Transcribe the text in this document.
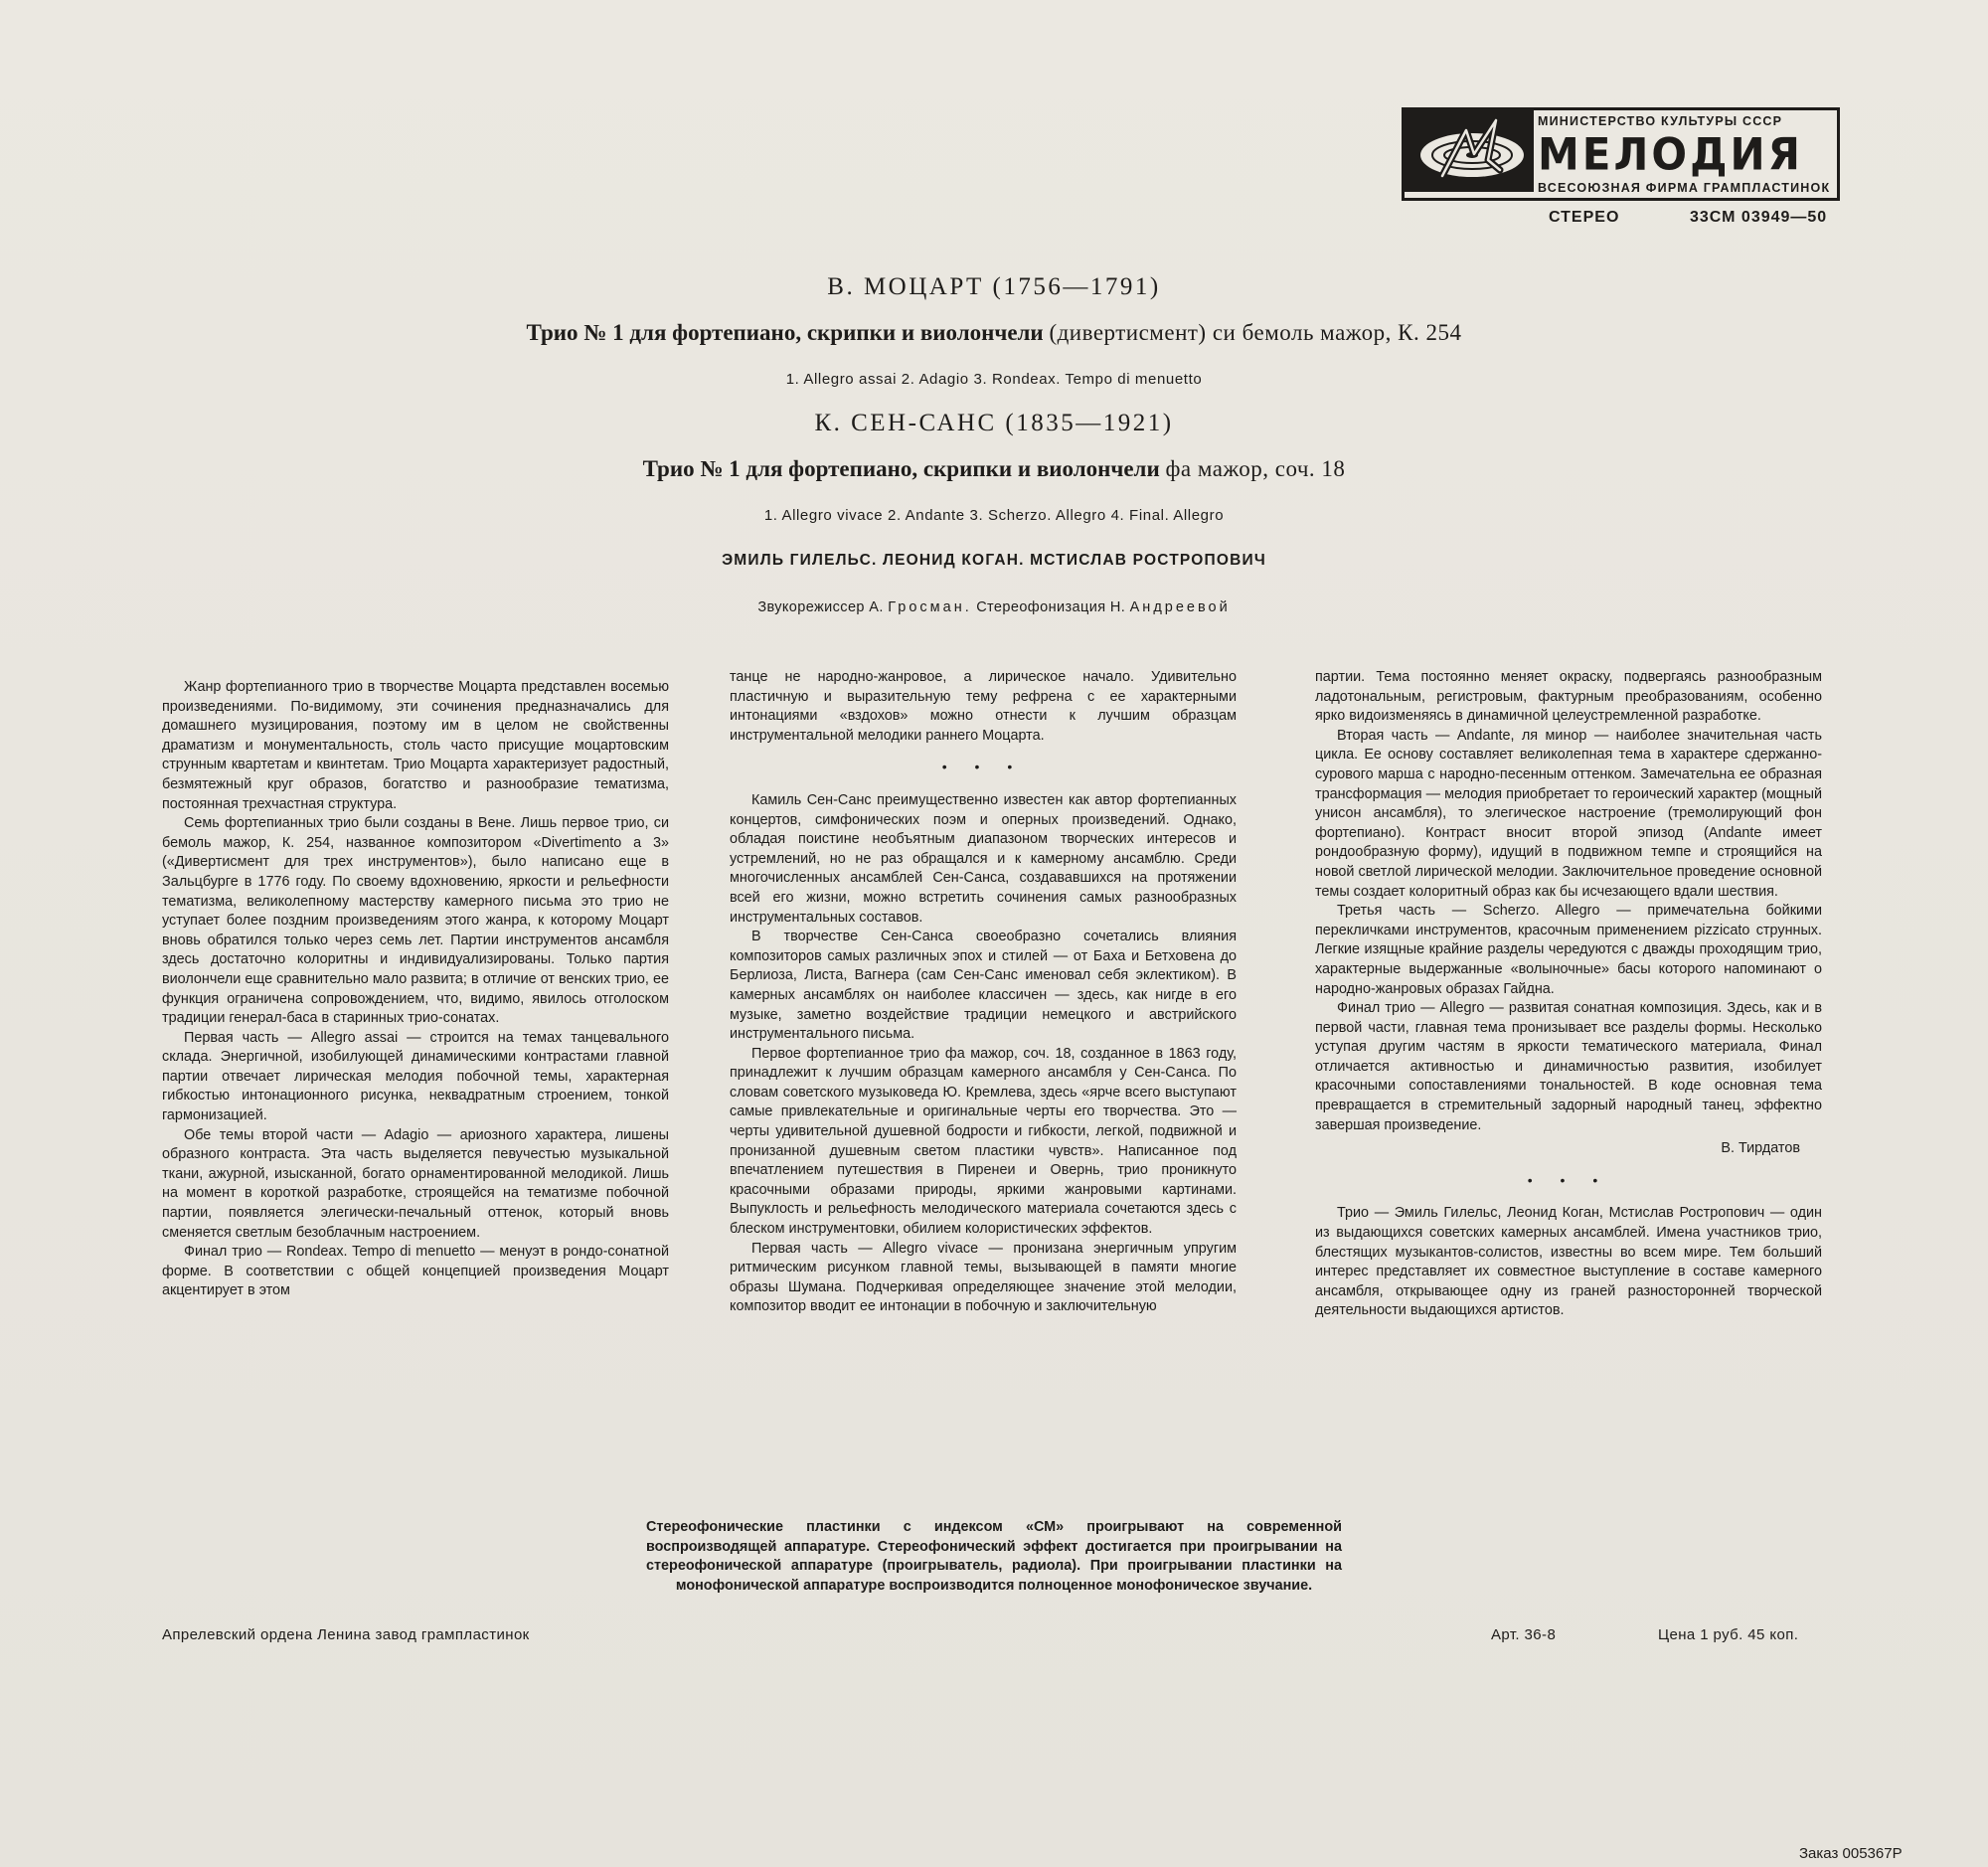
МИНИСТЕРСТВО КУЛЬТУРЫ СССР
МЕЛОДИЯ
ВСЕСОЮЗНАЯ ФИРМА ГРАМПЛАСТИНОК
СТЕРЕО	33СМ 03949—50
В. МОЦАРТ (1756—1791)
Трио № 1 для фортепиано, скрипки и виолончели (дивертисмент) си бемоль мажор, К. 254
1. Allegro assai 2. Adagio 3. Rondeax. Tempo di menuetto
К. СЕН-САНС (1835—1921)
Трио № 1 для фортепиано, скрипки и виолончели фа мажор, соч. 18
1. Allegro vivace 2. Andante 3. Scherzo. Allegro 4. Final. Allegro
ЭМИЛЬ ГИЛЕЛЬС. ЛЕОНИД КОГАН. МСТИСЛАВ РОСТРОПОВИЧ
Звукорежиссер А. Гросман. Стереофонизация Н. Андреевой

Жанр фортепианного трио в творчестве Моцарта представлен восемью произведениями. По-видимому, эти сочинения предназначались для домашнего музицирования, поэтому им в целом не свойственны драматизм и монументальность, столь часто присущие моцартовским струнным квартетам и квинтетам. Трио Моцарта характеризует радостный, безмятежный круг образов, богатство и разнообразие тематизма, постоянная трехчастная структура.

Семь фортепианных трио были созданы в Вене. Лишь первое трио, си бемоль мажор, К. 254, названное композитором «Divertimento a 3» («Дивертисмент для трех инструментов»), было написано еще в Зальцбурге в 1776 году. По своему вдохновению, яркости и рельефности тематизма, великолепному мастерству камерного письма это трио не уступает более поздним произведениям этого жанра, к которому Моцарт вновь обратился только через семь лет. Партии инструментов ансамбля здесь достаточно колоритны и индивидуализированы. Только партия виолончели еще сравнительно мало развита; в отличие от венских трио, ее функция ограничена сопровождением, что, видимо, явилось отголоском традиции генерал-баса в старинных трио-сонатах.

Первая часть — Allegro assai — строится на темах танцевального склада. Энергичной, изобилующей динамическими контрастами главной партии отвечает лирическая мелодия побочной темы, характерная гибкостью интонационного рисунка, неквадратным строением, тонкой гармонизацией.

Обе темы второй части — Adagio — ариозного характера, лишены образного контраста. Эта часть выделяется певучестью музыкальной ткани, ажурной, изысканной, богато орнаментированной мелодикой. Лишь на момент в короткой разработке, строящейся на тематизме побочной партии, появляется элегически-печальный оттенок, который вновь сменяется светлым безоблачным настроением.

Финал трио — Rondeax. Tempo di menuetto — менуэт в рондо-сонатной форме. В соответствии с общей концепцией произведения Моцарт акцентирует в этом

танце не народно-жанровое, а лирическое начало. Удивительно пластичную и выразительную тему рефрена с ее характерными интонациями «вздохов» можно отнести к лучшим образцам инструментальной мелодики раннего Моцарта.

• • •

Камиль Сен-Санс преимущественно известен как автор фортепианных концертов, симфонических поэм и оперных произведений. Однако, обладая поистине необъятным диапазоном творческих интересов и устремлений, но не раз обращался и к камерному ансамблю. Среди многочисленных ансамблей Сен-Санса, создававшихся на протяжении всей его жизни, можно встретить сочинения самых разнообразных инструментальных составов.

В творчестве Сен-Санса своеобразно сочетались влияния композиторов самых различных эпох и стилей — от Баха и Бетховена до Берлиоза, Листа, Вагнера (сам Сен-Санс именовал себя эклектиком). В камерных ансамблях он наиболее классичен — здесь, как нигде в его музыке, заметно воздействие традиции немецкого и австрийского инструментального письма.

Первое фортепианное трио фа мажор, соч. 18, созданное в 1863 году, принадлежит к лучшим образцам камерного ансамбля у Сен-Санса. По словам советского музыковеда Ю. Кремлева, здесь «ярче всего выступают самые привлекательные и оригинальные черты его творчества. Это — черты удивительной душевной бодрости и гибкости, легкой, подвижной и пронизанной душевным светом пластики чувств». Написанное под впечатлением путешествия в Пиренеи и Овернь, трио проникнуто красочными образами природы, яркими жанровыми картинами. Выпуклость и рельефность мелодического материала сочетаются здесь с блеском инструментовки, обилием колористических эффектов.

Первая часть — Allegro vivace — пронизана энергичным упругим ритмическим рисунком главной темы, вызывающей в памяти многие образы Шумана. Подчеркивая определяющее значение этой мелодии, композитор вводит ее интонации в побочную и заключительную

партии. Тема постоянно меняет окраску, подвергаясь разнообразным ладотональным, регистровым, фактурным преобразованиям, особенно ярко видоизменяясь в динамичной целеустремленной разработке.

Вторая часть — Andante, ля минор — наиболее значительная часть цикла. Ее основу составляет великолепная тема в характере сдержанно-сурового марша с народно-песенным оттенком. Замечательна ее образная трансформация — мелодия приобретает то героический характер (мощный унисон ансамбля), то элегическое настроение (тремолирующий фон фортепиано). Контраст вносит второй эпизод (Andante имеет рондообразную форму), идущий в подвижном темпе и строящийся на новой светлой лирической мелодии. Заключительное проведение основной темы создает колоритный образ как бы исчезающего вдали шествия.

Третья часть — Scherzo. Allegro — примечательна бойкими перекличками инструментов, красочным применением pizzicato струнных. Легкие изящные крайние разделы чередуются с дважды проходящим трио, характерные выдержанные «волыночные» басы которого напоминают о народно-жанровых образах Гайдна.

Финал трио — Allegro — развитая сонатная композиция. Здесь, как и в первой части, главная тема пронизывает все разделы формы. Несколько уступая другим частям в яркости тематического материала, Финал отличается активностью и динамичностью развития, изобилует красочными сопоставлениями тональностей. В коде основная тема превращается в стремительный задорный народный танец, эффектно завершая произведение.

В. Тирдатов
• • •

Трио — Эмиль Гилельс, Леонид Коган, Мстислав Ростропович — один из выдающихся советских камерных ансамблей. Имена участников трио, блестящих музыкантов-солистов, известны во всем мире. Тем больший интерес представляет их совместное выступление в составе камерного ансамбля, открывающее одну из граней разносторонней творческой деятельности выдающихся артистов.

Стереофонические пластинки с индексом «СМ» проигрывают на современной воспроизводящей аппаратуре. Стереофонический эффект достигается при проигрывании на стереофонической аппаратуре (проигрыватель, радиола). При проигрывании пластинки на монофонической аппаратуре воспроизводится полноценное монофоническое звучание.
Апрелевский ордена Ленина завод грампластинок	Арт. 36-8	Цена 1 руб. 45 коп.
Заказ 005367Р
